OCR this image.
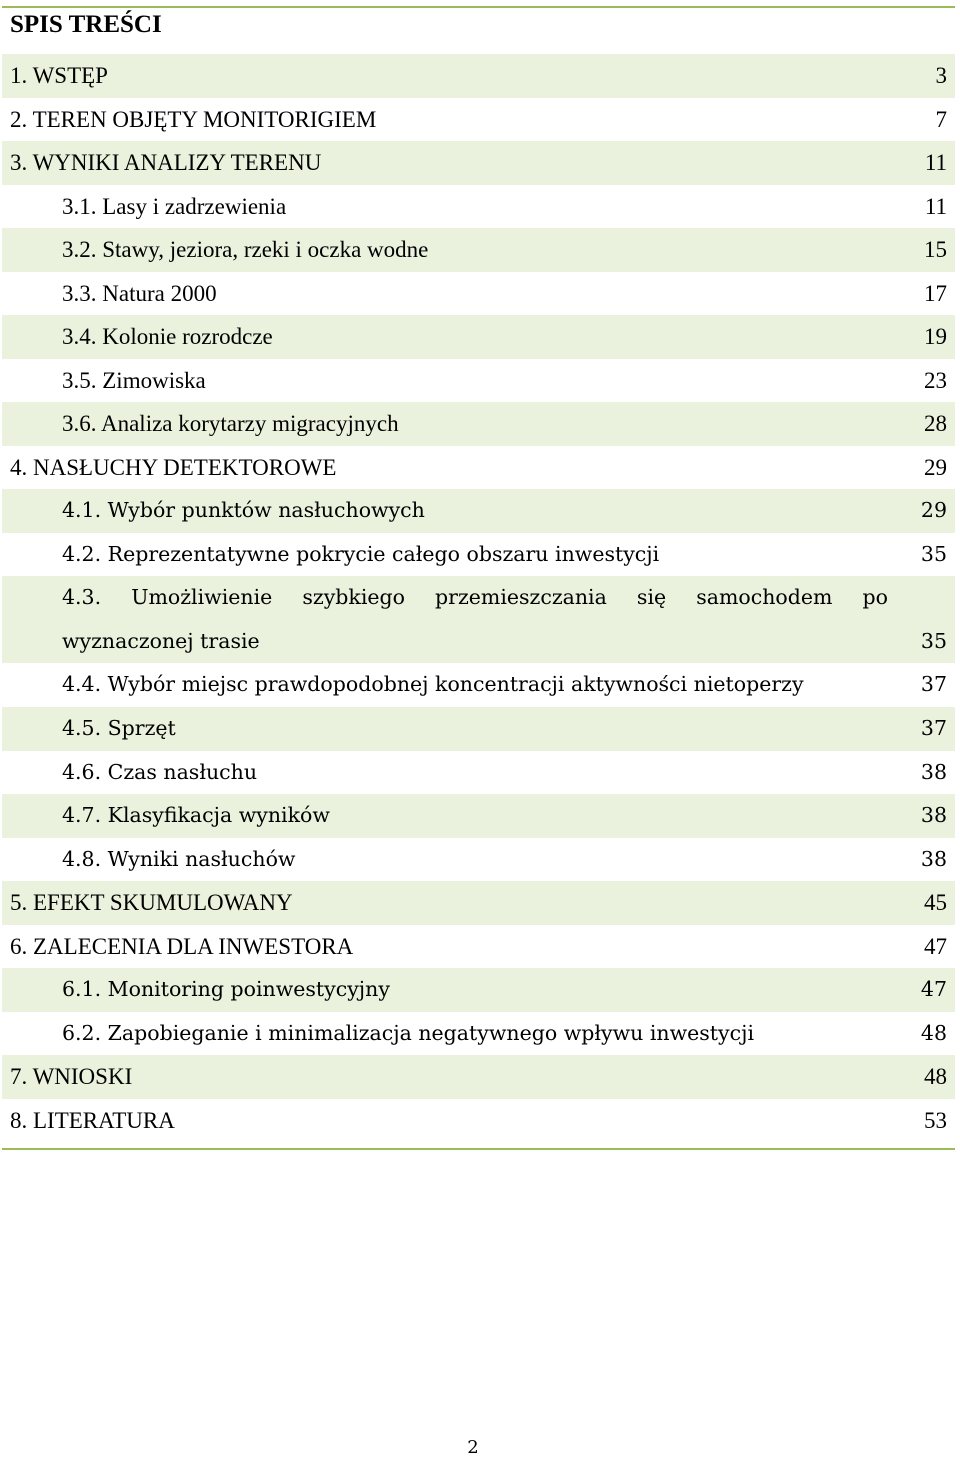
SPIS TREŚCI
1. WSTĘP	3
2. TEREN OBJĘTY MONITORIGIEM	7
3. WYNIKI ANALIZY TERENU	11
3.1. Lasy i zadrzewienia	11
3.2. Stawy, jeziora, rzeki i oczka wodne	15
3.3. Natura 2000	17
3.4. Kolonie rozrodcze	19
3.5. Zimowiska	23
3.6. Analiza korytarzy migracyjnych	28
4. NASŁUCHY DETEKTOROWE	29
4.1. Wybór punktów nasłuchowych	29
4.2. Reprezentatywne pokrycie całego obszaru inwestycji	35
4.3. Umożliwienie szybkiego przemieszczania się samochodem po
wyznaczonej trasie	35
4.4. Wybór miejsc prawdopodobnej koncentracji aktywności nietoperzy	37
4.5. Sprzęt	37
4.6. Czas nasłuchu	38
4.7. Klasyfikacja wyników	38
4.8. Wyniki nasłuchów	38
5. EFEKT SKUMULOWANY	45
6. ZALECENIA DLA INWESTORA	47
6.1. Monitoring poinwestycyjny	47
6.2. Zapobieganie i minimalizacja negatywnego wpływu inwestycji	48
7. WNIOSKI	48
8. LITERATURA	53
2
